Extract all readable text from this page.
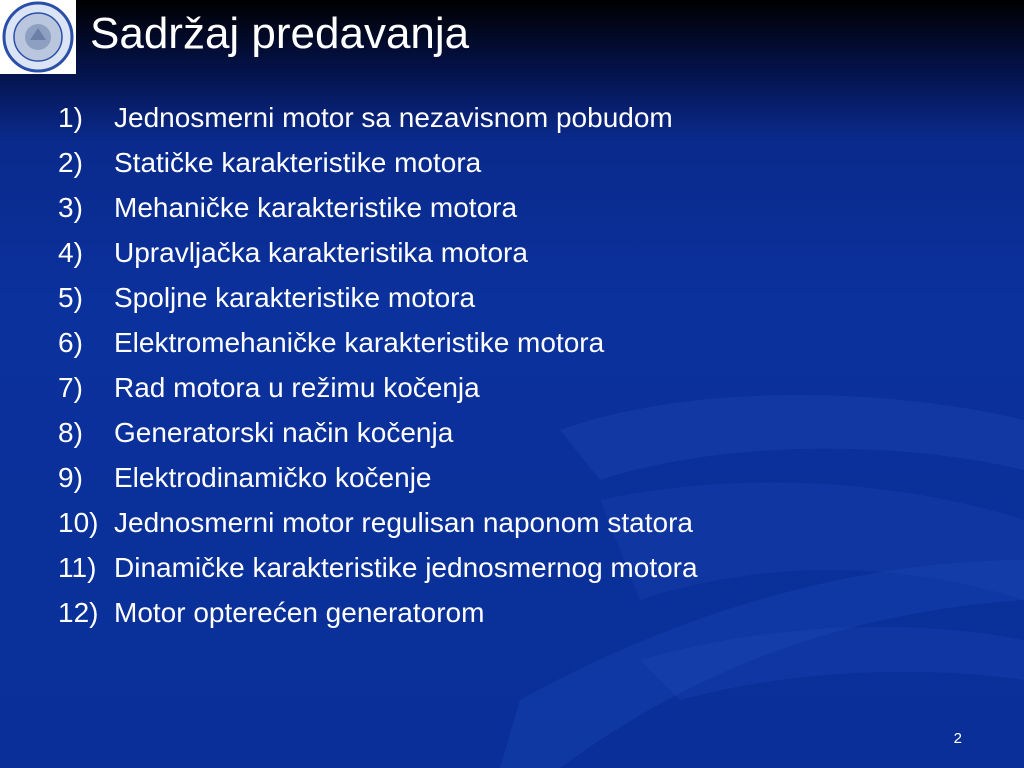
Sadržaj predavanja
1)	Jednosmerni motor sa nezavisnom pobudom
2)	Statičke karakteristike motora
3)	Mehaničke karakteristike motora
4)	Upravljačka karakteristika motora
5)	Spoljne karakteristike motora
6)	Elektromehaničke karakteristike motora
7)	Rad motora u režimu kočenja
8)	Generatorski način kočenja
9)	Elektrodinamičko kočenje
10) Jednosmerni motor regulisan naponom statora
11) Dinamičke karakteristike jednosmernog motora
12) Motor opterećen generatorom
2
